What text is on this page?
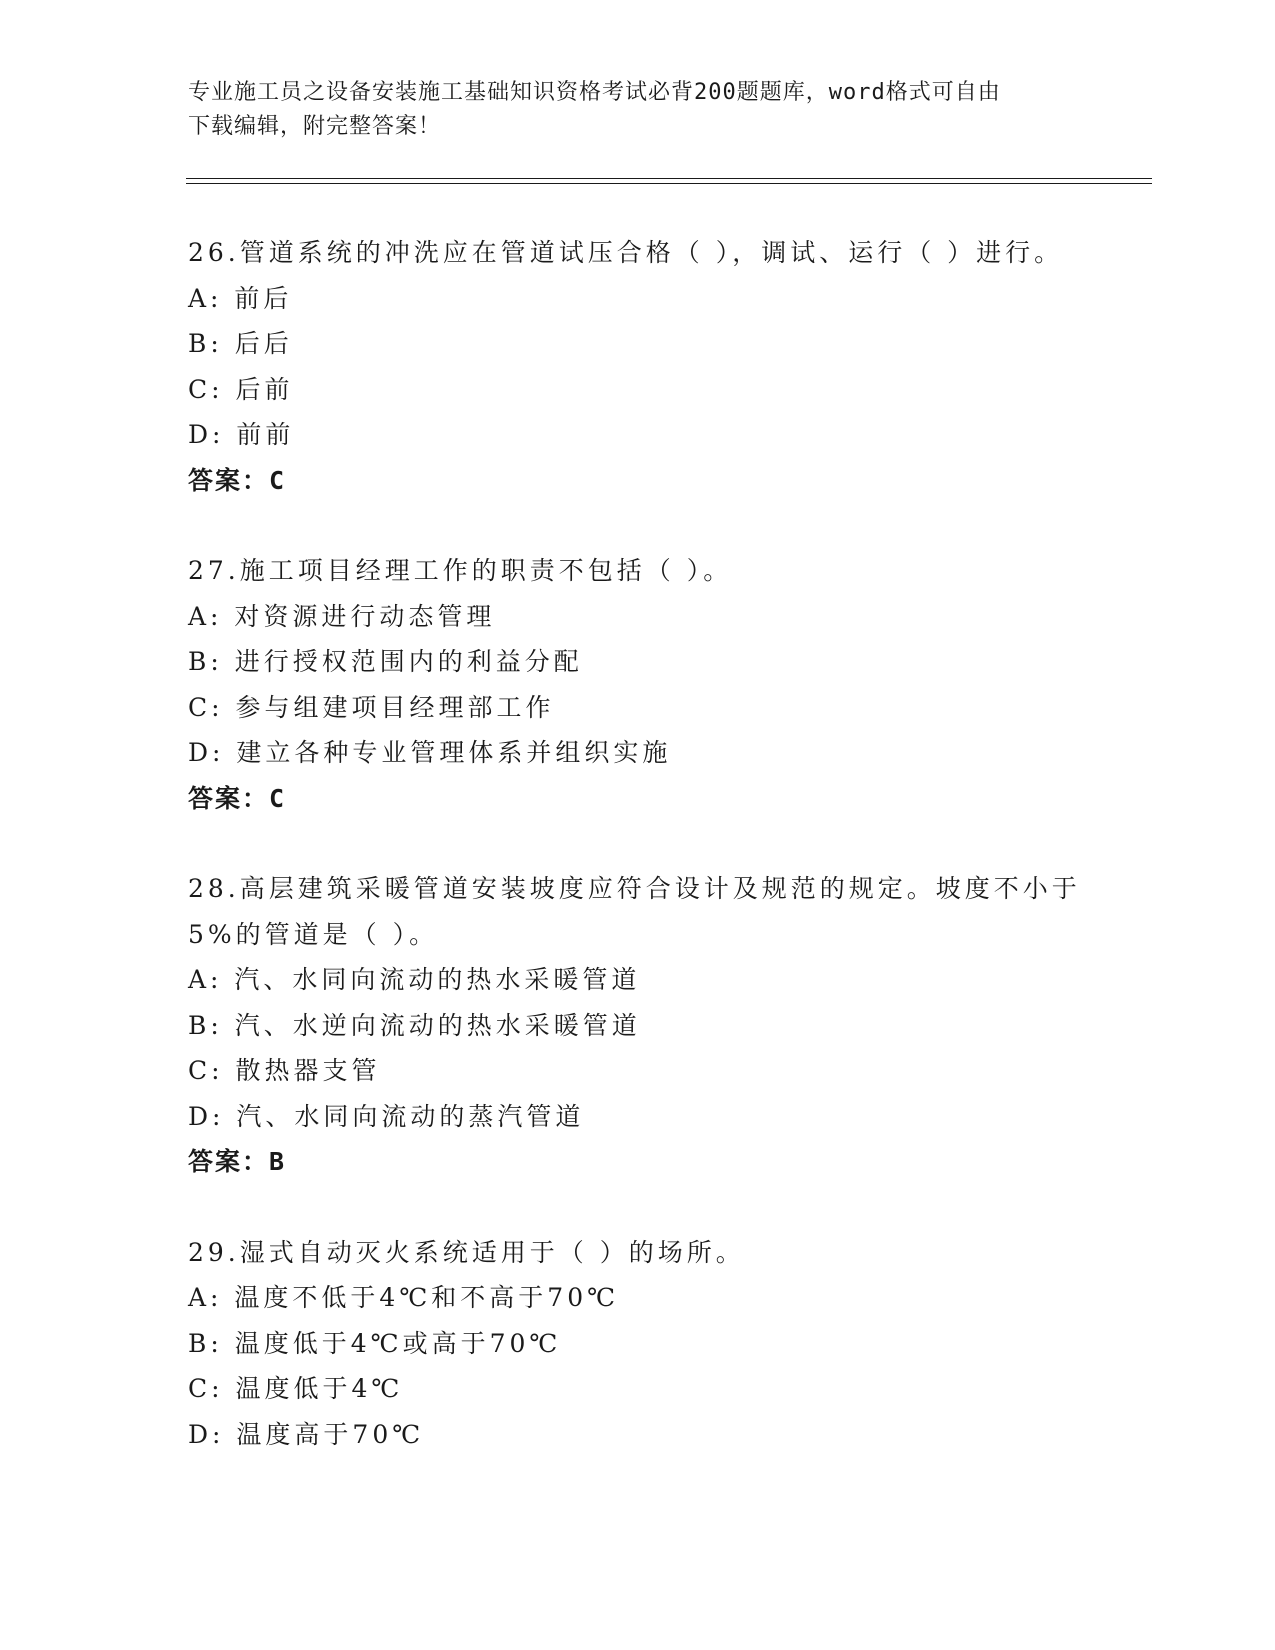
专业施工员之设备安装施工基础知识资格考试必背200题题库，word格式可自由
下载编辑，附完整答案！
26.管道系统的冲洗应在管道试压合格（ ），调试、运行（ ）进行。
A: 前后
B: 后后
C: 后前
D: 前前
答案：C
27.施工项目经理工作的职责不包括（ ）。
A: 对资源进行动态管理
B: 进行授权范围内的利益分配
C: 参与组建项目经理部工作
D: 建立各种专业管理体系并组织实施
答案：C
28.高层建筑采暖管道安装坡度应符合设计及规范的规定。坡度不小于
5%的管道是（ ）。
A: 汽、水同向流动的热水采暖管道
B: 汽、水逆向流动的热水采暖管道
C: 散热器支管
D: 汽、水同向流动的蒸汽管道
答案：B
29.湿式自动灭火系统适用于（ ）的场所。
A: 温度不低于4℃和不高于70℃
B: 温度低于4℃或高于70℃
C: 温度低于4℃
D: 温度高于70℃
